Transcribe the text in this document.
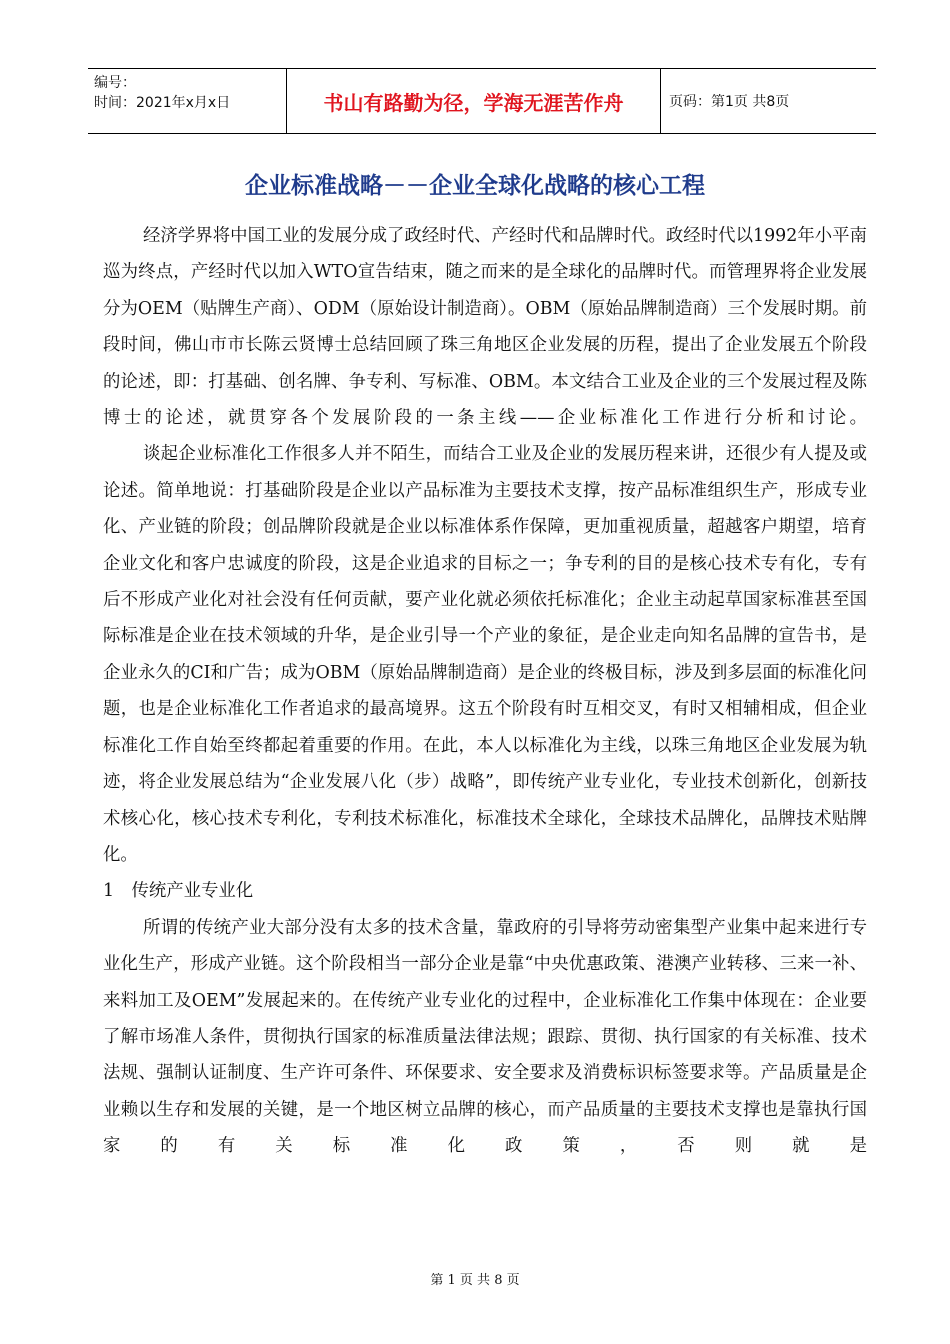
编号：
时间：2021年x月x日	书山有路勤为径，学海无涯苦作舟	页码：第1页 共8页
企业标准战略－－企业全球化战略的核心工程

经济学界将中国工业的发展分成了政经时代、产经时代和品牌时代。政经时代以1992年小平南巡为终点，产经时代以加入WTO宣告结束，随之而来的是全球化的品牌时代。而管理界将企业发展分为OEM（贴牌生产商）、ODM（原始设计制造商）。OBM（原始品牌制造商）三个发展时期。前段时间，佛山市市长陈云贤博士总结回顾了珠三角地区企业发展的历程，提出了企业发展五个阶段的论述，即：打基础、创名牌、争专利、写标准、OBM。本文结合工业及企业的三个发展过程及陈博士的论述，就贯穿各个发展阶段的一条主线——企业标准化工作进行分析和讨论。

谈起企业标准化工作很多人并不陌生，而结合工业及企业的发展历程来讲，还很少有人提及或论述。简单地说：打基础阶段是企业以产品标准为主要技术支撑，按产品标准组织生产，形成专业化、产业链的阶段；创品牌阶段就是企业以标准体系作保障，更加重视质量，超越客户期望，培育企业文化和客户忠诚度的阶段，这是企业追求的目标之一；争专利的目的是核心技术专有化，专有后不形成产业化对社会没有任何贡献，要产业化就必须依托标准化；企业主动起草国家标准甚至国际标准是企业在技术领域的升华，是企业引导一个产业的象征，是企业走向知名品牌的宣告书，是企业永久的CI和广告；成为OBM（原始品牌制造商）是企业的终极目标，涉及到多层面的标准化问题，也是企业标准化工作者追求的最高境界。这五个阶段有时互相交叉，有时又相辅相成，但企业标准化工作自始至终都起着重要的作用。在此，本人以标准化为主线，以珠三角地区企业发展为轨迹，将企业发展总结为“企业发展八化（步）战略”，即传统产业专业化，专业技术创新化，创新技术核心化，核心技术专利化，专利技术标准化，标准技术全球化，全球技术品牌化，品牌技术贴牌化。

1　传统产业专业化

所谓的传统产业大部分没有太多的技术含量，靠政府的引导将劳动密集型产业集中起来进行专业化生产，形成产业链。这个阶段相当一部分企业是靠“中央优惠政策、港澳产业转移、三来一补、来料加工及OEM”发展起来的。在传统产业专业化的过程中，企业标准化工作集中体现在：企业要了解市场准人条件，贯彻执行国家的标准质量法律法规；跟踪、贯彻、执行国家的有关标准、技术法规、强制认证制度、生产许可条件、环保要求、安全要求及消费标识标签要求等。产品质量是企业赖以生存和发展的关键，是一个地区树立品牌的核心，而产品质量的主要技术支撑也是靠执行国家的有关标准化政策，否则就是

第 1 页 共 8 页
